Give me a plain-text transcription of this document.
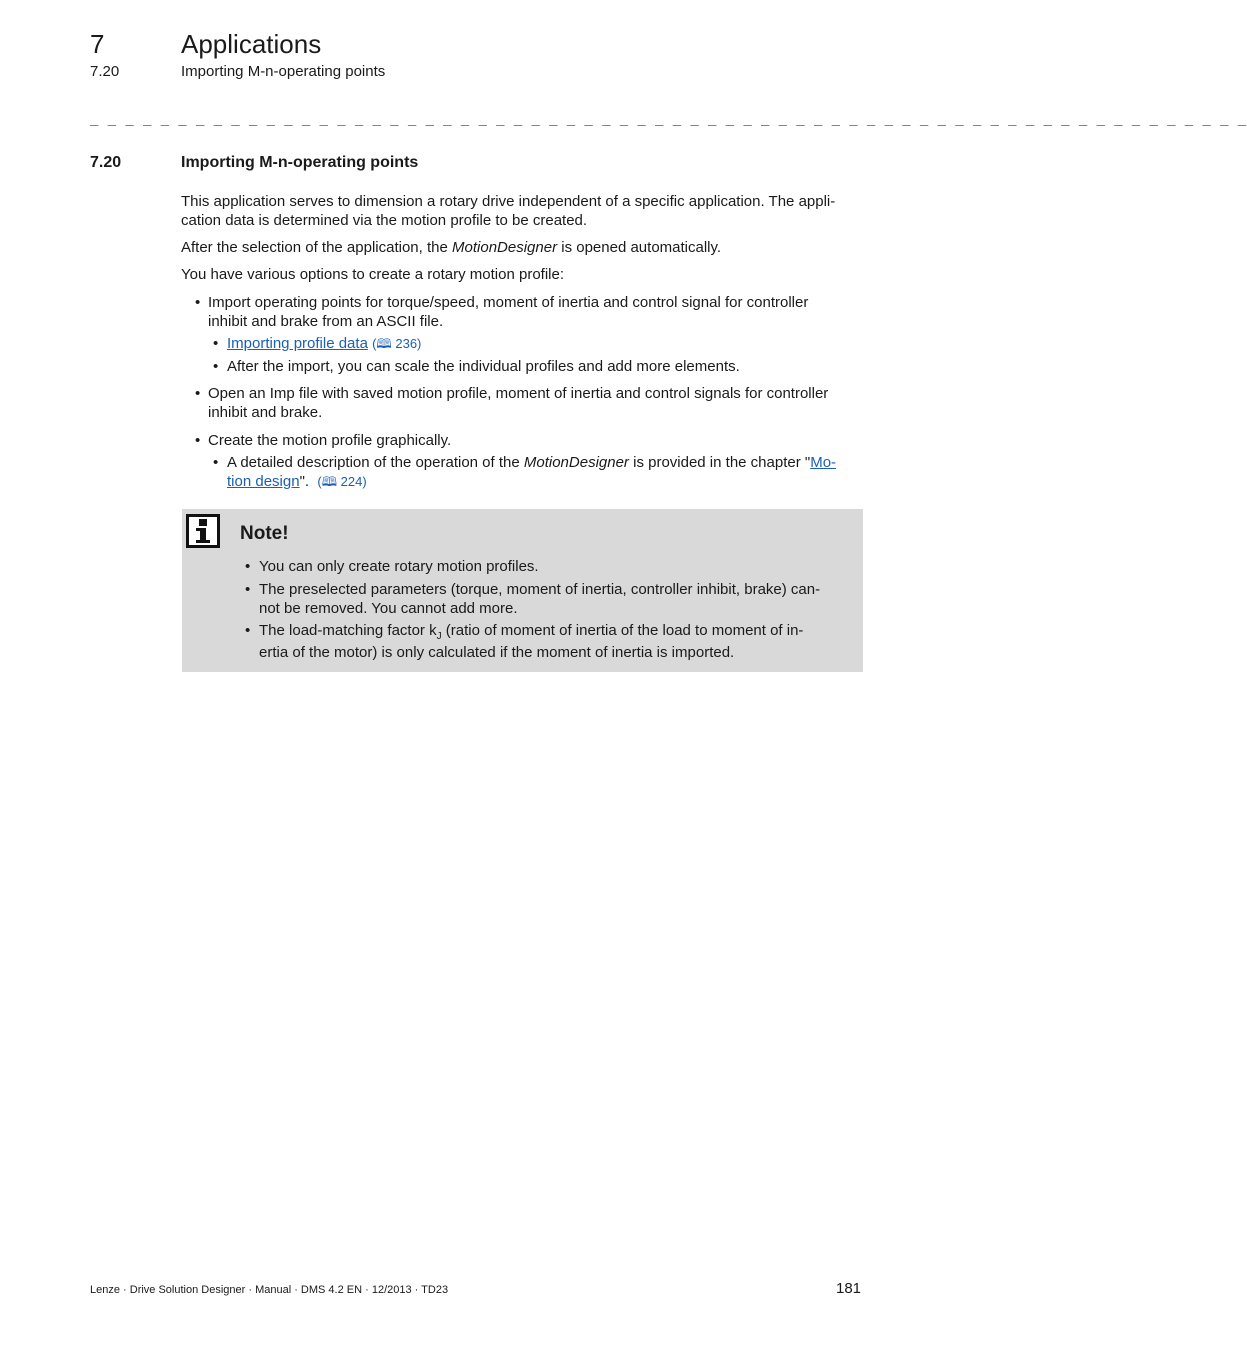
7	Applications
7.20	Importing M-n-operating points
_ _ _ _ _ _ _ _ _ _ _ _ _ _ _ _ _ _ _ _ _ _ _ _ _ _ _ _ _ _ _ _ _ _ _ _ _ _ _ _ _ _ _ _ _ _ _ _ _ _ _ _ _ _ _ _ _ _ _ _ _ _ _ _ _ _
7.20	Importing M-n-operating points
This application serves to dimension a rotary drive independent of a specific application. The appli-
cation data is determined via the motion profile to be created.
After the selection of the application, the MotionDesigner is opened automatically.
You have various options to create a rotary motion profile:
• Import operating points for torque/speed, moment of inertia and control signal for controller
inhibit and brake from an ASCII file.
• Importing profile data (🕮 236)
• After the import, you can scale the individual profiles and add more elements.
• Open an Imp file with saved motion profile, moment of inertia and control signals for controller
inhibit and brake.
• Create the motion profile graphically.
• A detailed description of the operation of the MotionDesigner is provided in the chapter "Mo-
tion design". (🕮 224)
Note!
• You can only create rotary motion profiles.
• The preselected parameters (torque, moment of inertia, controller inhibit, brake) can-
not be removed. You cannot add more.
• The load-matching factor $k_J$ (ratio of moment of inertia of the load to moment of in-
ertia of the motor) is only calculated if the moment of inertia is imported.
Lenze · Drive Solution Designer · Manual · DMS 4.2 EN · 12/2013 · TD23	181
